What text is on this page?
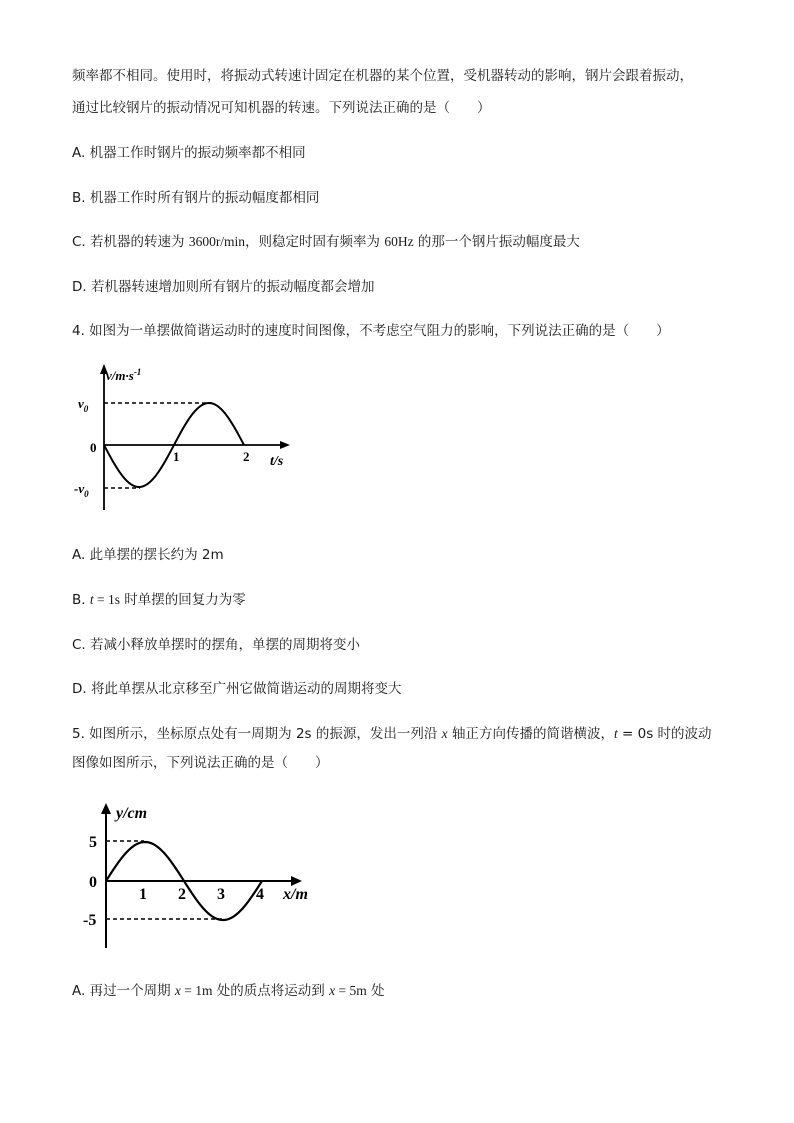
频率都不相同。使用时，将振动式转速计固定在机器的某个位置，受机器转动的影响，钢片会跟着振动，
通过比较钢片的振动情况可知机器的转速。下列说法正确的是（　　）
A. 机器工作时钢片的振动频率都不相同
B. 机器工作时所有钢片的振动幅度都相同
C. 若机器的转速为 3600r/min，则稳定时固有频率为 60Hz 的那一个钢片振动幅度最大
D. 若机器转速增加则所有钢片的振动幅度都会增加
4. 如图为一单摆做简谐运动时的速度时间图像，不考虑空气阻力的影响，下列说法正确的是（　　）
$v/m\cdot s^{-1}$
$v_0$
$-v_0$
0
1	2 t/s
A. 此单摆的摆长约为 2m
B. t = 1s 时单摆的回复力为零
C. 若减小释放单摆时的摆角，单摆的周期将变小
D. 将此单摆从北京移至广州它做简谐运动的周期将变大
5. 如图所示，坐标原点处有一周期为 2s 的振源，发出一列沿 x 轴正方向传播的简谐横波，t = 0s 时的波动
图像如图所示，下列说法正确的是（　　）
y/cm
5
-5
0
1 2 3 4 x/m
A. 再过一个周期 x = 1m 处的质点将运动到 x = 5m 处
